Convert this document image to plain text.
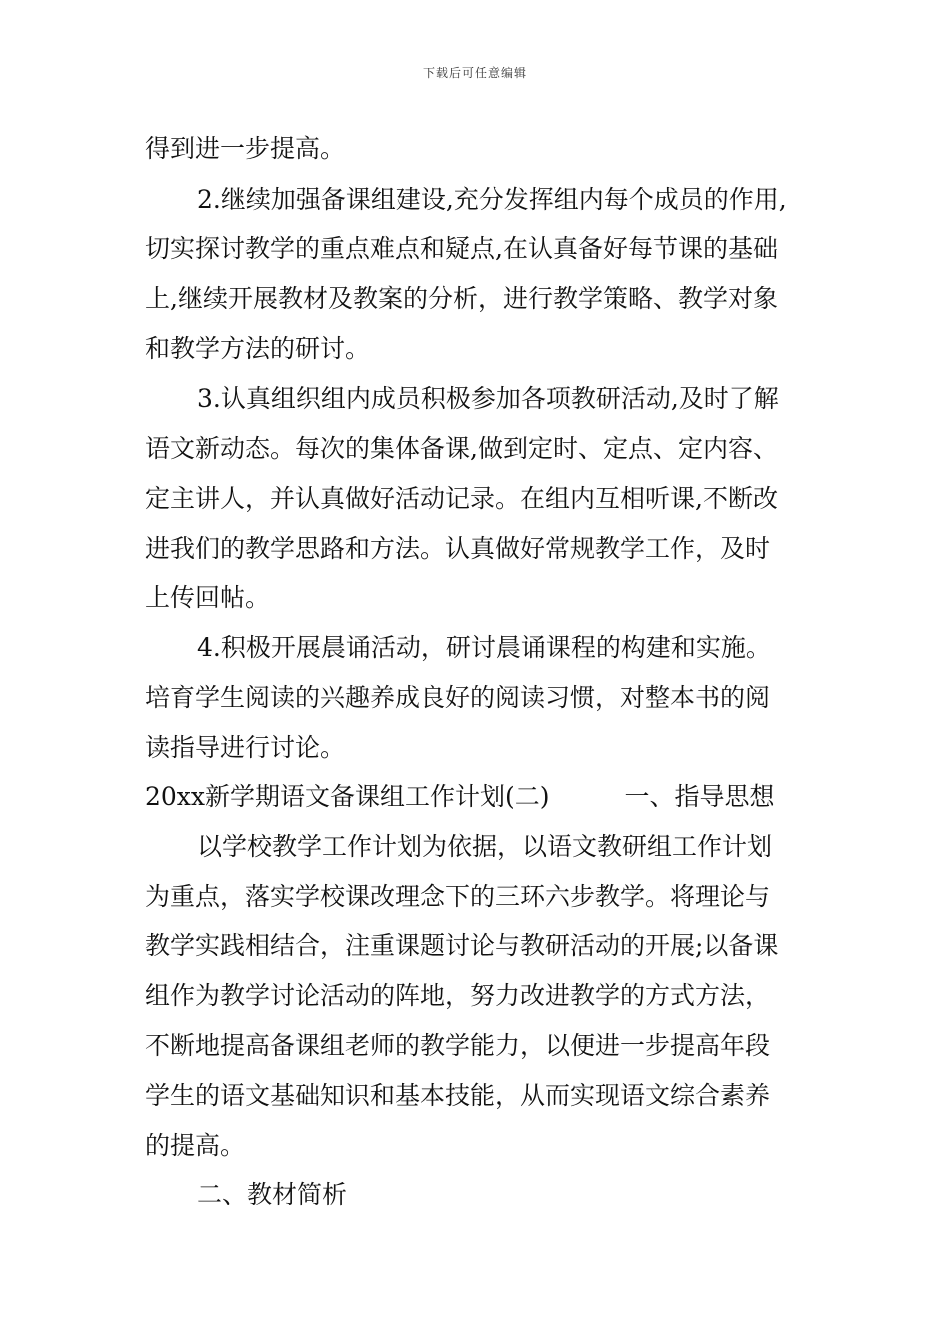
下载后可任意编辑
得到进一步提高。
2.继续加强备课组建设,充分发挥组内每个成员的作用,
切实探讨教学的重点难点和疑点,在认真备好每节课的基础
上,继续开展教材及教案的分析，进行教学策略、教学对象
和教学方法的研讨。
3.认真组织组内成员积极参加各项教研活动,及时了解
语文新动态。每次的集体备课,做到定时、定点、定内容、
定主讲人，并认真做好活动记录。在组内互相听课,不断改
进我们的教学思路和方法。认真做好常规教学工作，及时
上传回帖。
4.积极开展晨诵活动，研讨晨诵课程的构建和实施。
培育学生阅读的兴趣养成良好的阅读习惯，对整本书的阅
读指导进行讨论。
20xx新学期语文备课组工作计划(二)　　　一、指导思想
以学校教学工作计划为依据，以语文教研组工作计划
为重点，落实学校课改理念下的三环六步教学。将理论与
教学实践相结合，注重课题讨论与教研活动的开展;以备课
组作为教学讨论活动的阵地，努力改进教学的方式方法，
不断地提高备课组老师的教学能力，以便进一步提高年段
学生的语文基础知识和基本技能，从而实现语文综合素养
的提高。
二、教材简析
